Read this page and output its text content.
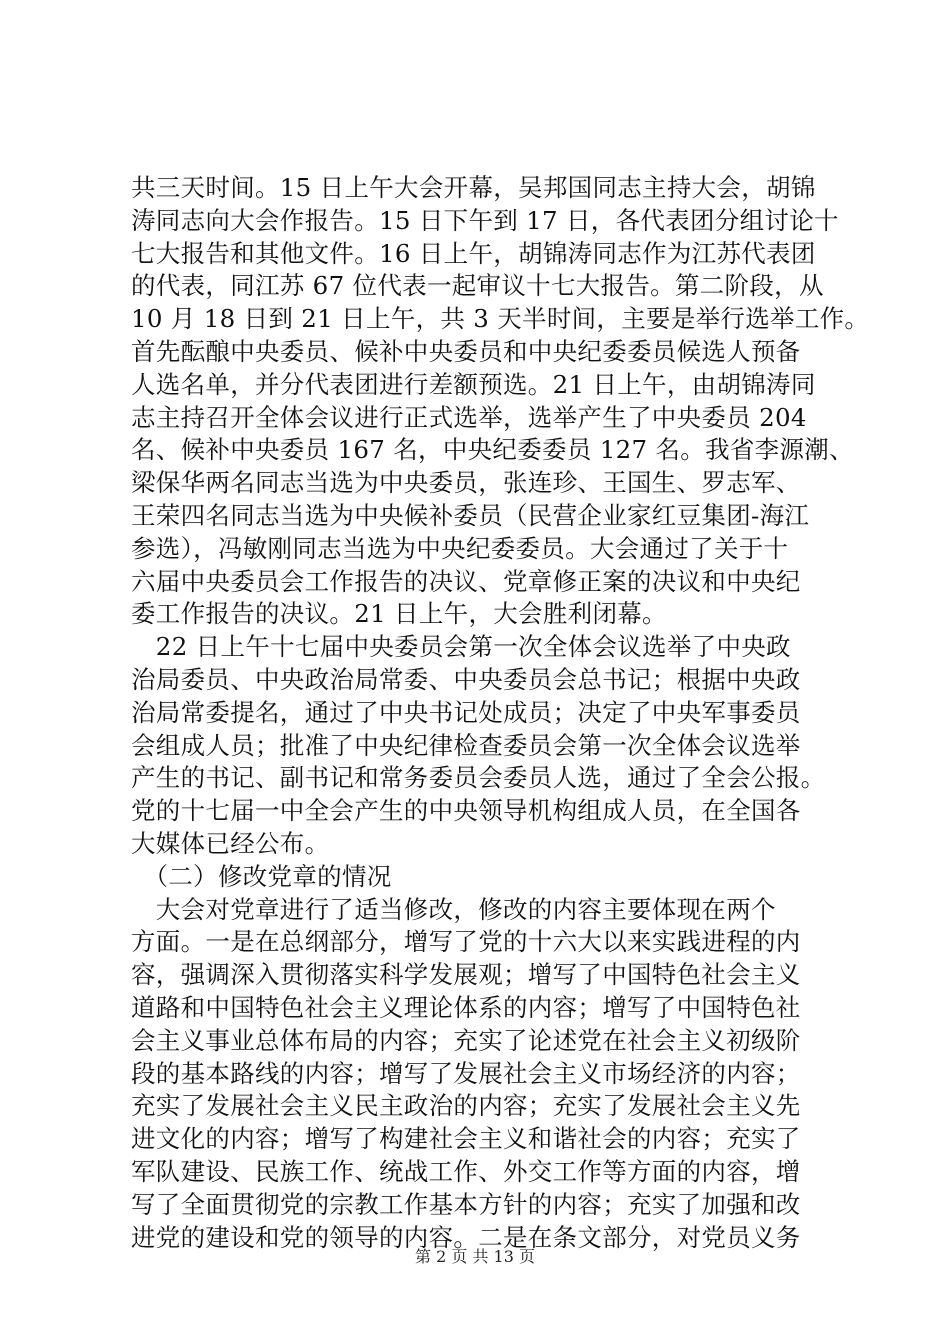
共三天时间。15 日上午大会开幕，吴邦国同志主持大会，胡锦
涛同志向大会作报告。15 日下午到 17 日，各代表团分组讨论十
七大报告和其他文件。16 日上午，胡锦涛同志作为江苏代表团
的代表，同江苏 67 位代表一起审议十七大报告。第二阶段，从
10 月 18 日到 21 日上午，共 3 天半时间，主要是举行选举工作。
首先酝酿中央委员、候补中央委员和中央纪委委员候选人预备
人选名单，并分代表团进行差额预选。21 日上午，由胡锦涛同
志主持召开全体会议进行正式选举，选举产生了中央委员 204
名、候补中央委员 167 名，中央纪委委员 127 名。我省李源潮、
梁保华两名同志当选为中央委员，张连珍、王国生、罗志军、
王荣四名同志当选为中央候补委员（民营企业家红豆集团-海江
参选），冯敏刚同志当选为中央纪委委员。大会通过了关于十
六届中央委员会工作报告的决议、党章修正案的决议和中央纪
委工作报告的决议。21 日上午，大会胜利闭幕。
　22 日上午十七届中央委员会第一次全体会议选举了中央政
治局委员、中央政治局常委、中央委员会总书记；根据中央政
治局常委提名，通过了中央书记处成员；决定了中央军事委员
会组成人员；批准了中央纪律检查委员会第一次全体会议选举
产生的书记、副书记和常务委员会委员人选，通过了全会公报。
党的十七届一中全会产生的中央领导机构组成人员，在全国各
大媒体已经公布。
　（二）修改党章的情况
　大会对党章进行了适当修改，修改的内容主要体现在两个
方面。一是在总纲部分，增写了党的十六大以来实践进程的内
容，强调深入贯彻落实科学发展观；增写了中国特色社会主义
道路和中国特色社会主义理论体系的内容；增写了中国特色社
会主义事业总体布局的内容；充实了论述党在社会主义初级阶
段的基本路线的内容；增写了发展社会主义市场经济的内容；
充实了发展社会主义民主政治的内容；充实了发展社会主义先
进文化的内容；增写了构建社会主义和谐社会的内容；充实了
军队建设、民族工作、统战工作、外交工作等方面的内容，增
写了全面贯彻党的宗教工作基本方针的内容；充实了加强和改
进党的建设和党的领导的内容。二是在条文部分，对党员义务
第 2 页 共 13 页
